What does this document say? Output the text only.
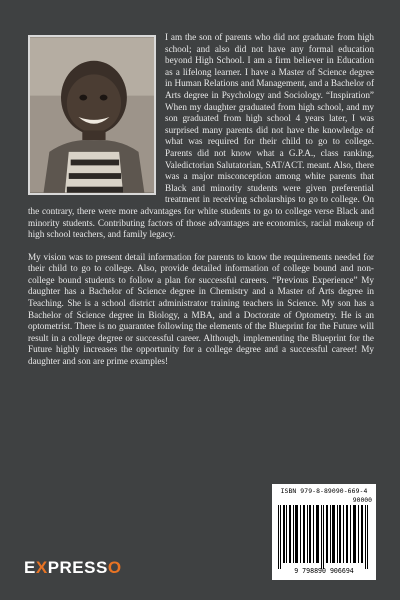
I am the son of parents who did not graduate from high school; and also did not have any formal education beyond High School. I am a firm believer in Education as a lifelong learner. I have a Master of Science degree in Human Relations and Management, and a Bachelor of Arts degree in Psychology and Sociology. “Inspiration” When my daughter graduated from high school, and my son graduated from high school 4 years later, I was surprised many parents did not have the knowledge of what was required for their child to go to college. Parents did not know what a G.P.A., class ranking, Valedictorian Salutatorian, SAT/ACT. meant. Also, there was a major misconception among white parents that Black and minority students were given preferential treatment in receiving scholarships to go to college. On the contrary, there were more advantages for white students to go to college verse Black and minority students. Contributing factors of those advantages are economics, racial makeup of high school teachers, and family legacy.

My vision was to present detail information for parents to know the requirements needed for their child to go to college. Also, provide detailed information of college bound and non-college bound students to follow a plan for successful careers. “Previous Experience” My daughter has a Bachelor of Science degree in Chemistry and a Master of Arts degree in Teaching. She is a school district administrator training teachers in Science. My son has a Bachelor of Science degree in Biology, a MBA, and a Doctorate of Optometry. He is an optometrist. There is no guarantee following the elements of the Blueprint for the Future will result in a college degree or successful career. Although, implementing the Blueprint for the Future highly increases the opportunity for a college degree and a successful career! My daughter and son are prime examples!

ISBN 979-8-89090-669-4
90000
9 798890 906694
EXPRESSO
